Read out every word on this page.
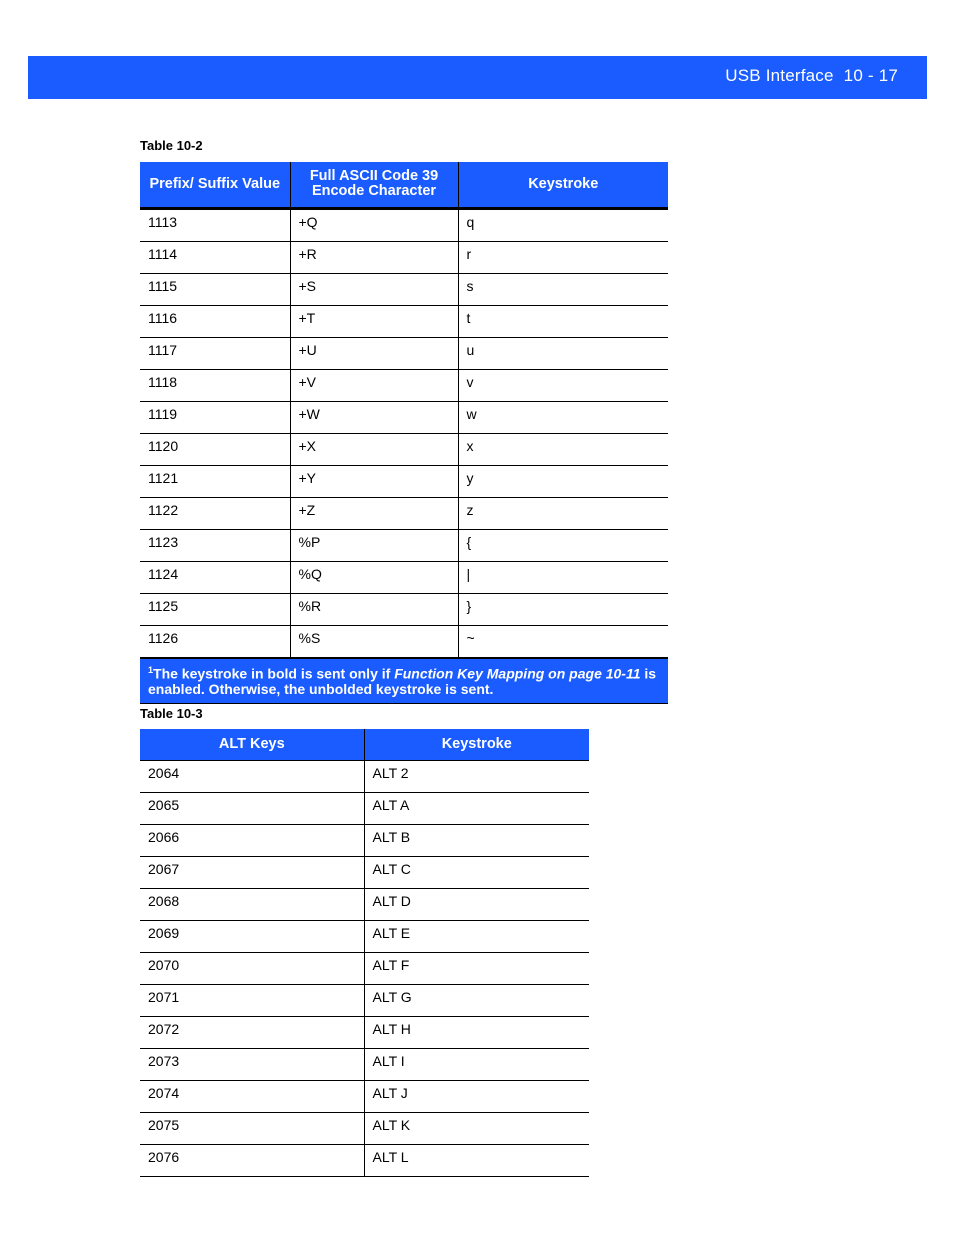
USB Interface 10 - 17
Table 10-2
Prefix/ Suffix Value	Full ASCII Code 39 Encode Character	Keystroke
1113	+Q	q
1114	+R	r
1115	+S	s
1116	+T	t
1117	+U	u
1118	+V	v
1119	+W	w
1120	+X	x
1121	+Y	y
1122	+Z	z
1123	%P	{
1124	%Q	|
1125	%R	}
1126	%S	~
$^1$The keystroke in bold is sent only if Function Key Mapping on page 10-11 is enabled. Otherwise, the unbolded keystroke is sent.		
Table 10-3
ALT Keys	Keystroke
2064	ALT 2
2065	ALT A
2066	ALT B
2067	ALT C
2068	ALT D
2069	ALT E
2070	ALT F
2071	ALT G
2072	ALT H
2073	ALT I
2074	ALT J
2075	ALT K
2076	ALT L
